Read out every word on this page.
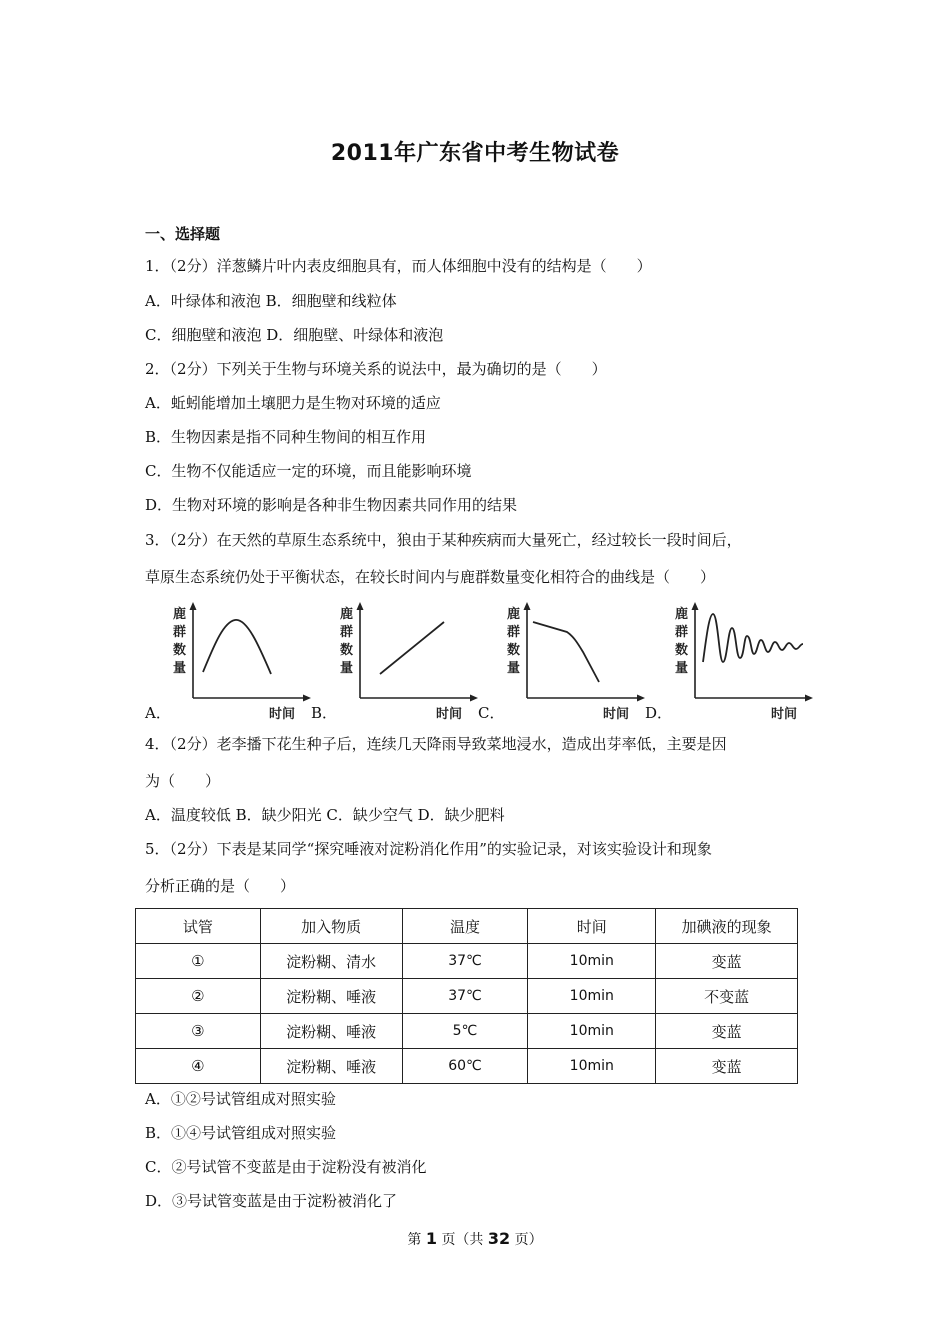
2011年广东省中考生物试卷
一、选择题
1．（2分）洋葱鳞片叶内表皮细胞具有，而人体细胞中没有的结构是（　　）
A．叶绿体和液泡 B．细胞壁和线粒体
C．细胞壁和液泡 D．细胞壁、叶绿体和液泡
2．（2分）下列关于生物与环境关系的说法中，最为确切的是（　　）
A．蚯蚓能增加土壤肥力是生物对环境的适应
B．生物因素是指不同种生物间的相互作用
C．生物不仅能适应一定的环境，而且能影响环境
D．生物对环境的影响是各种非生物因素共同作用的结果
3．（2分）在天然的草原生态系统中，狼由于某种疾病而大量死亡，经过较长一段时间后，
草原生态系统仍处于平衡状态，在较长时间内与鹿群数量变化相符合的曲线是（　　）
A．
鹿
群
数
量
时间 B．
鹿
群
数
量
时间 C．
鹿
群
数
量
时间 D．
鹿
群
数
量
时间
4．（2分）老李播下花生种子后，连续几天降雨导致菜地浸水，造成出芽率低，主要是因
为（　　）
A．温度较低 B．缺少阳光 C．缺少空气 D．缺少肥料
5．（2分）下表是某同学“探究唾液对淀粉消化作用”的实验记录，对该实验设计和现象
分析正确的是（　　）
试管	加入物质	温度	时间	加碘液的现象
①	淀粉糊、清水	37℃	10min	变蓝
②	淀粉糊、唾液	37℃	10min	不变蓝
③	淀粉糊、唾液	5℃	10min	变蓝
④	淀粉糊、唾液	60℃	10min	变蓝
A．①②号试管组成对照实验
B．①④号试管组成对照实验
C．②号试管不变蓝是由于淀粉没有被消化
D．③号试管变蓝是由于淀粉被消化了
第 1 页（共 32 页）
